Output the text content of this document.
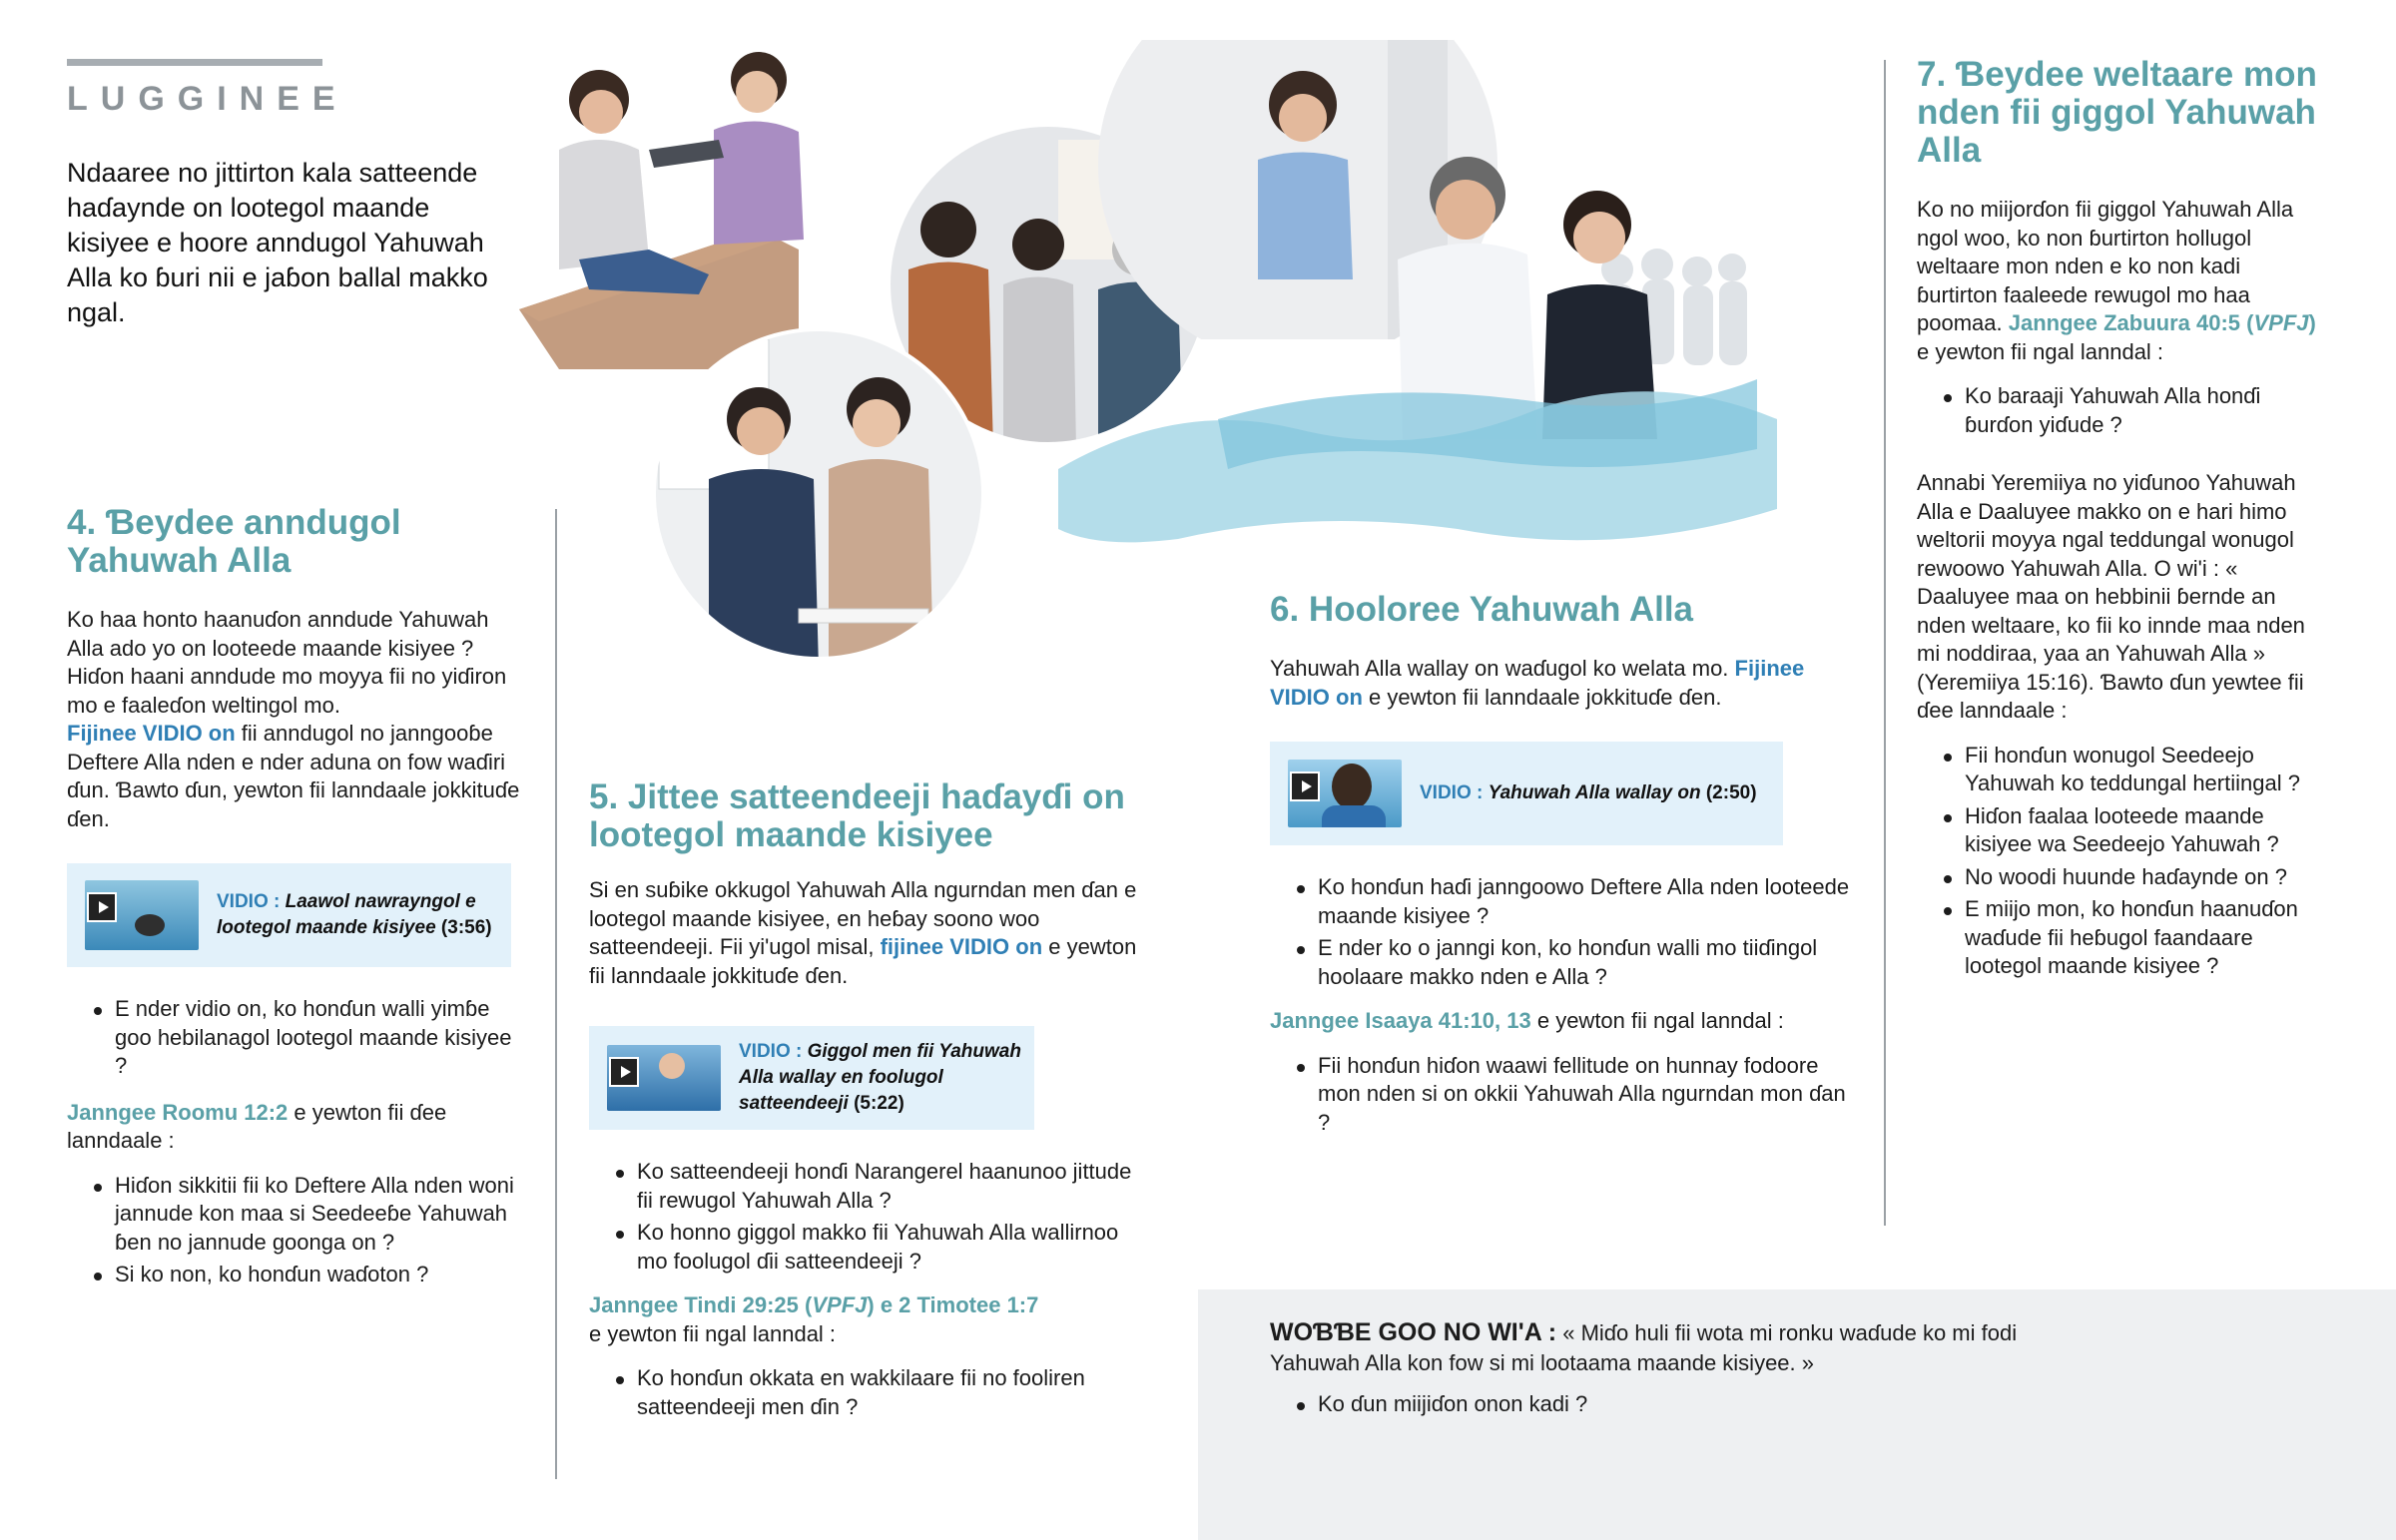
LUGGINEE
Ndaaree no jittirton kala satteende haɗaynde on lootegol maande kisiyee e hoore anndugol Yahuwah Alla ko ɓuri nii e jaɓon ballal makko ngal.
4. Ɓeydee anndugol Yahuwah Alla

Ko haa honto haanuɗon anndude Yahuwah Alla ado yo on looteede maande kisiyee ? Hiɗon haani anndude mo moyya fii no yiɗiron mo e faaleɗon weltingol mo.
Fijinee VIDIO on fii anndugol no janngooɓe Deftere Alla nden e nder aduna on fow waɗiri ɗun. Ɓawto ɗun, yewton fii lanndaale jokkituɗe ɗen.

VIDIO : Laawol nawrayngol e lootegol maande kisiyee (3:56)
E nder vidio on, ko honɗun walli yimɓe goo hebilanagol lootegol maande kisiyee ?
Janngee Roomu 12:2 e yewton fii ɗee lanndaale :
Hiɗon sikkitii fii ko Deftere Alla nden woni jannude kon maa si Seedeeɓe Yahuwah ɓen no jannude goonga on ?
Si ko non, ko honɗun waɗoton ?
5. Jittee satteendeeji haɗayɗi on lootegol maande kisiyee

Si en suɓike okkugol Yahuwah Alla ngurndan men ɗan e lootegol maande kisiyee, en heɓay soono woo satteendeeji. Fii yi'ugol misal, fijinee VIDIO on e yewton fii lanndaale jokkituɗe ɗen.

VIDIO : Giggol men fii Yahuwah Alla wallay en foolugol satteendeeji (5:22)
Ko satteendeeji honɗi Narangerel haanunoo jittude fii rewugol Yahuwah Alla ?
Ko honno giggol makko fii Yahuwah Alla wallirnoo mo foolugol ɗii satteendeeji ?
Janngee Tindi 29:25 (VPFJ) e 2 Timotee 1:7
e yewton fii ngal lanndal :
Ko honɗun okkata en wakkilaare fii no fooliren satteendeeji men ɗin ?
6. Hooloree Yahuwah Alla

Yahuwah Alla wallay on waɗugol ko welata mo. Fijinee VIDIO on e yewton fii lanndaale jokkituɗe ɗen.

VIDIO : Yahuwah Alla wallay on (2:50)
Ko honɗun haɗi janngoowo Deftere Alla nden looteede maande kisiyee ?
E nder ko o janngi kon, ko honɗun walli mo tiiɗingol hoolaare makko nden e Alla ?
Janngee Isaaya 41:10, 13 e yewton fii ngal lanndal :
Fii honɗun hiɗon waawi fellitude on hunnay fodoore mon nden si on okkii Yahuwah Alla ngurndan mon ɗan ?
7. Ɓeydee weltaare mon nden fii giggol Yahuwah Alla

Ko no miijorɗon fii giggol Yahuwah Alla ngol woo, ko non ɓurtirton hollugol weltaare mon nden e ko non kadi ɓurtirton faaleede rewugol mo haa poomaa. Janngee Zabuura 40:5 (VPFJ) e yewton fii ngal lanndal :

Ko baraaji Yahuwah Alla honɗi ɓurɗon yiɗude ?

Annabi Yeremiiya no yiɗunoo Yahuwah Alla e Daaluyee makko on e hari himo weltorii moyya ngal teddungal wonugol rewoowo Yahuwah Alla. O wi'i : « Daaluyee maa on hebbinii ɓernde an nden weltaare, ko fii ko innde maa nden mi noddiraa, yaa an Yahuwah Alla » (Yeremiiya 15:16). Ɓawto ɗun yewtee fii ɗee lanndaale :

Fii honɗun wonugol Seedeejo Yahuwah ko teddungal hertiingal ?
Hiɗon faalaa looteede maande kisiyee wa Seedeejo Yahuwah ?
No woodi huunde haɗaynde on ?
E miijo mon, ko honɗun haanuɗon waɗude fii heɓugol faandaare lootegol maande kisiyee ?
WOƁƁE GOO NO WI'A : « Miɗo huli fii wota mi ronku waɗude ko mi fodi Yahuwah Alla kon fow si mi lootaama maande kisiyee. »
Ko ɗun miijiɗon onon kadi ?
